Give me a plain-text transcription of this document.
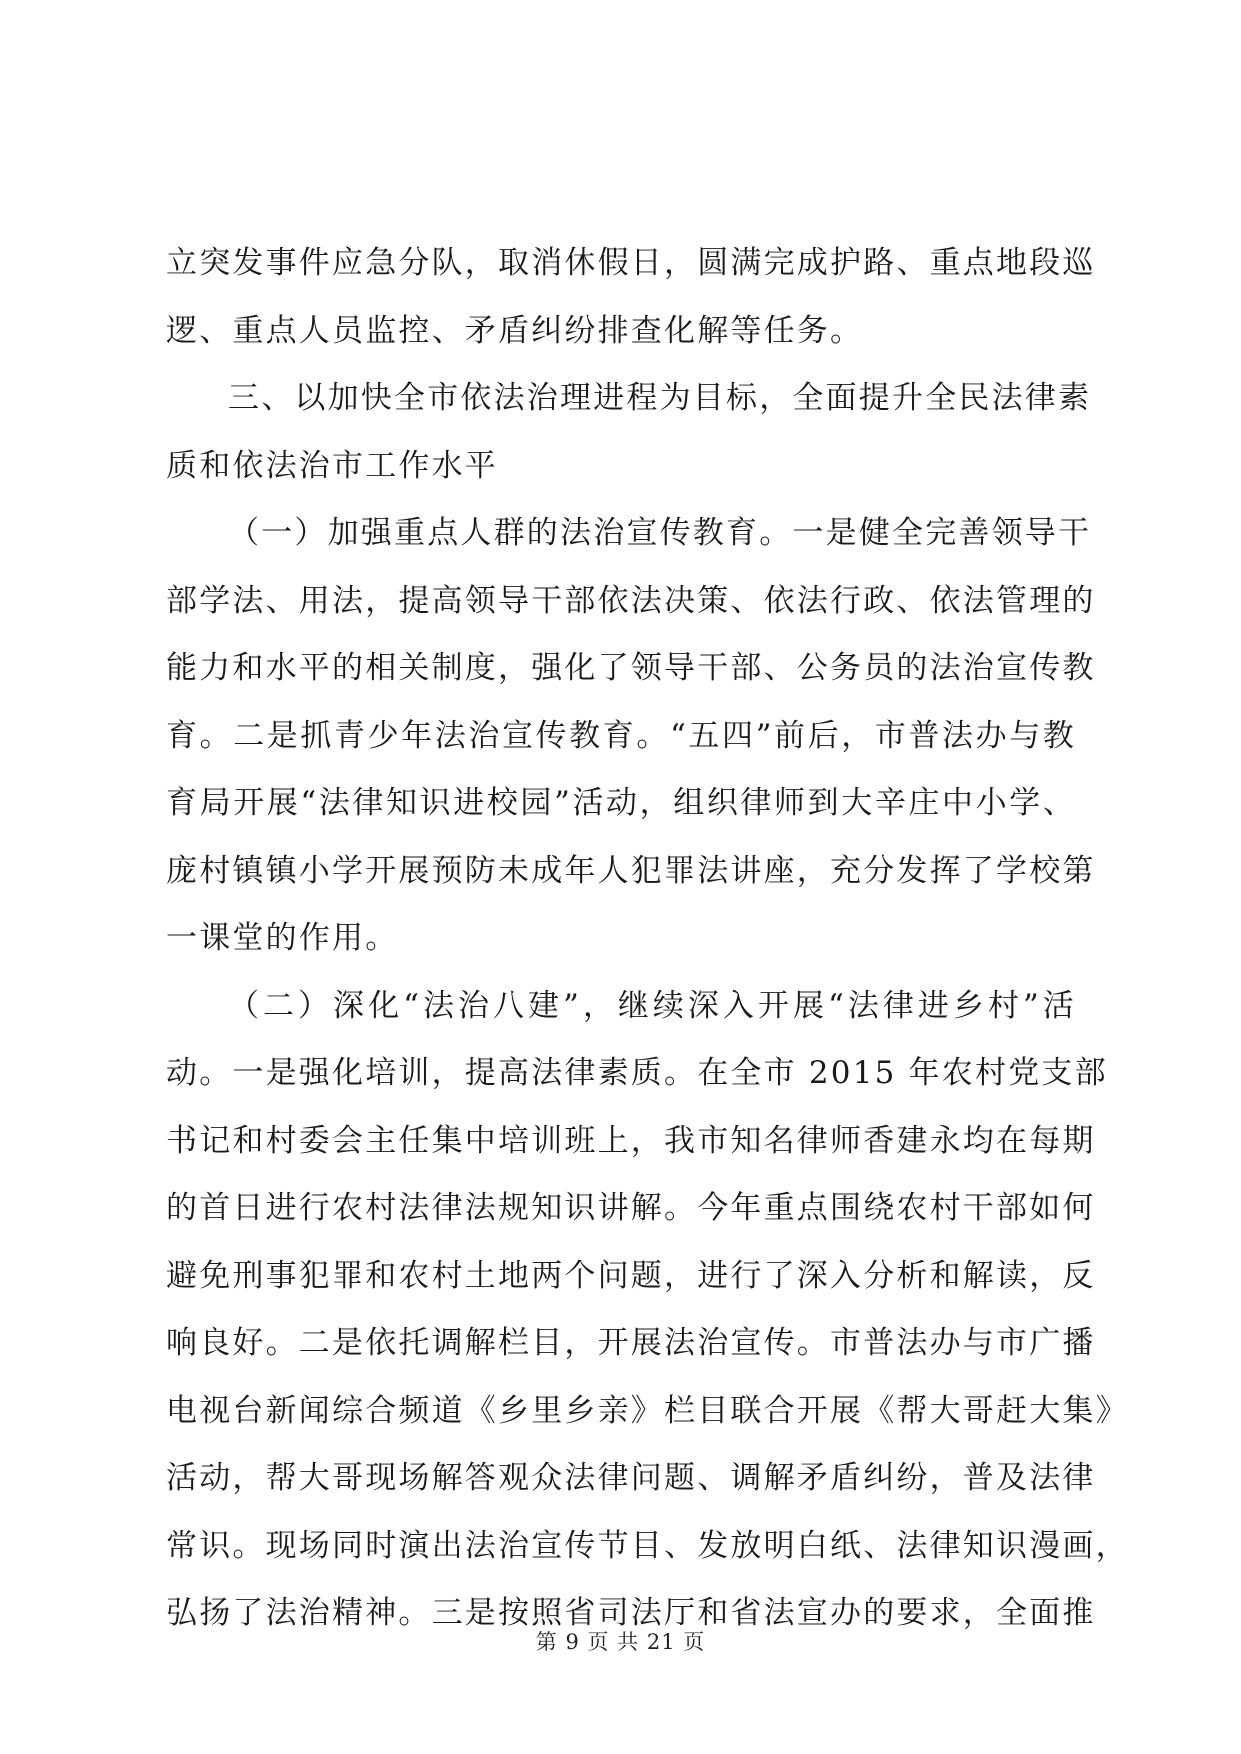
立突发事件应急分队，取消休假日，圆满完成护路、重点地段巡
逻、重点人员监控、矛盾纠纷排查化解等任务。
三、以加快全市依法治理进程为目标，全面提升全民法律素
质和依法治市工作水平
（一）加强重点人群的法治宣传教育。一是健全完善领导干
部学法、用法，提高领导干部依法决策、依法行政、依法管理的
能力和水平的相关制度，强化了领导干部、公务员的法治宣传教
育。二是抓青少年法治宣传教育。“五四”前后，市普法办与教
育局开展“法律知识进校园”活动，组织律师到大辛庄中小学、
庞村镇镇小学开展预防未成年人犯罪法讲座，充分发挥了学校第
一课堂的作用。
（二）深化“法治八建”，继续深入开展“法律进乡村”活
动。一是强化培训，提高法律素质。在全市 2015 年农村党支部
书记和村委会主任集中培训班上，我市知名律师香建永均在每期
的首日进行农村法律法规知识讲解。今年重点围绕农村干部如何
避免刑事犯罪和农村土地两个问题，进行了深入分析和解读，反
响良好。二是依托调解栏目，开展法治宣传。市普法办与市广播
电视台新闻综合频道《乡里乡亲》栏目联合开展《帮大哥赶大集》
活动，帮大哥现场解答观众法律问题、调解矛盾纠纷，普及法律
常识。现场同时演出法治宣传节目、发放明白纸、法律知识漫画，
弘扬了法治精神。三是按照省司法厅和省法宣办的要求，全面推
第 9 页 共 21 页
